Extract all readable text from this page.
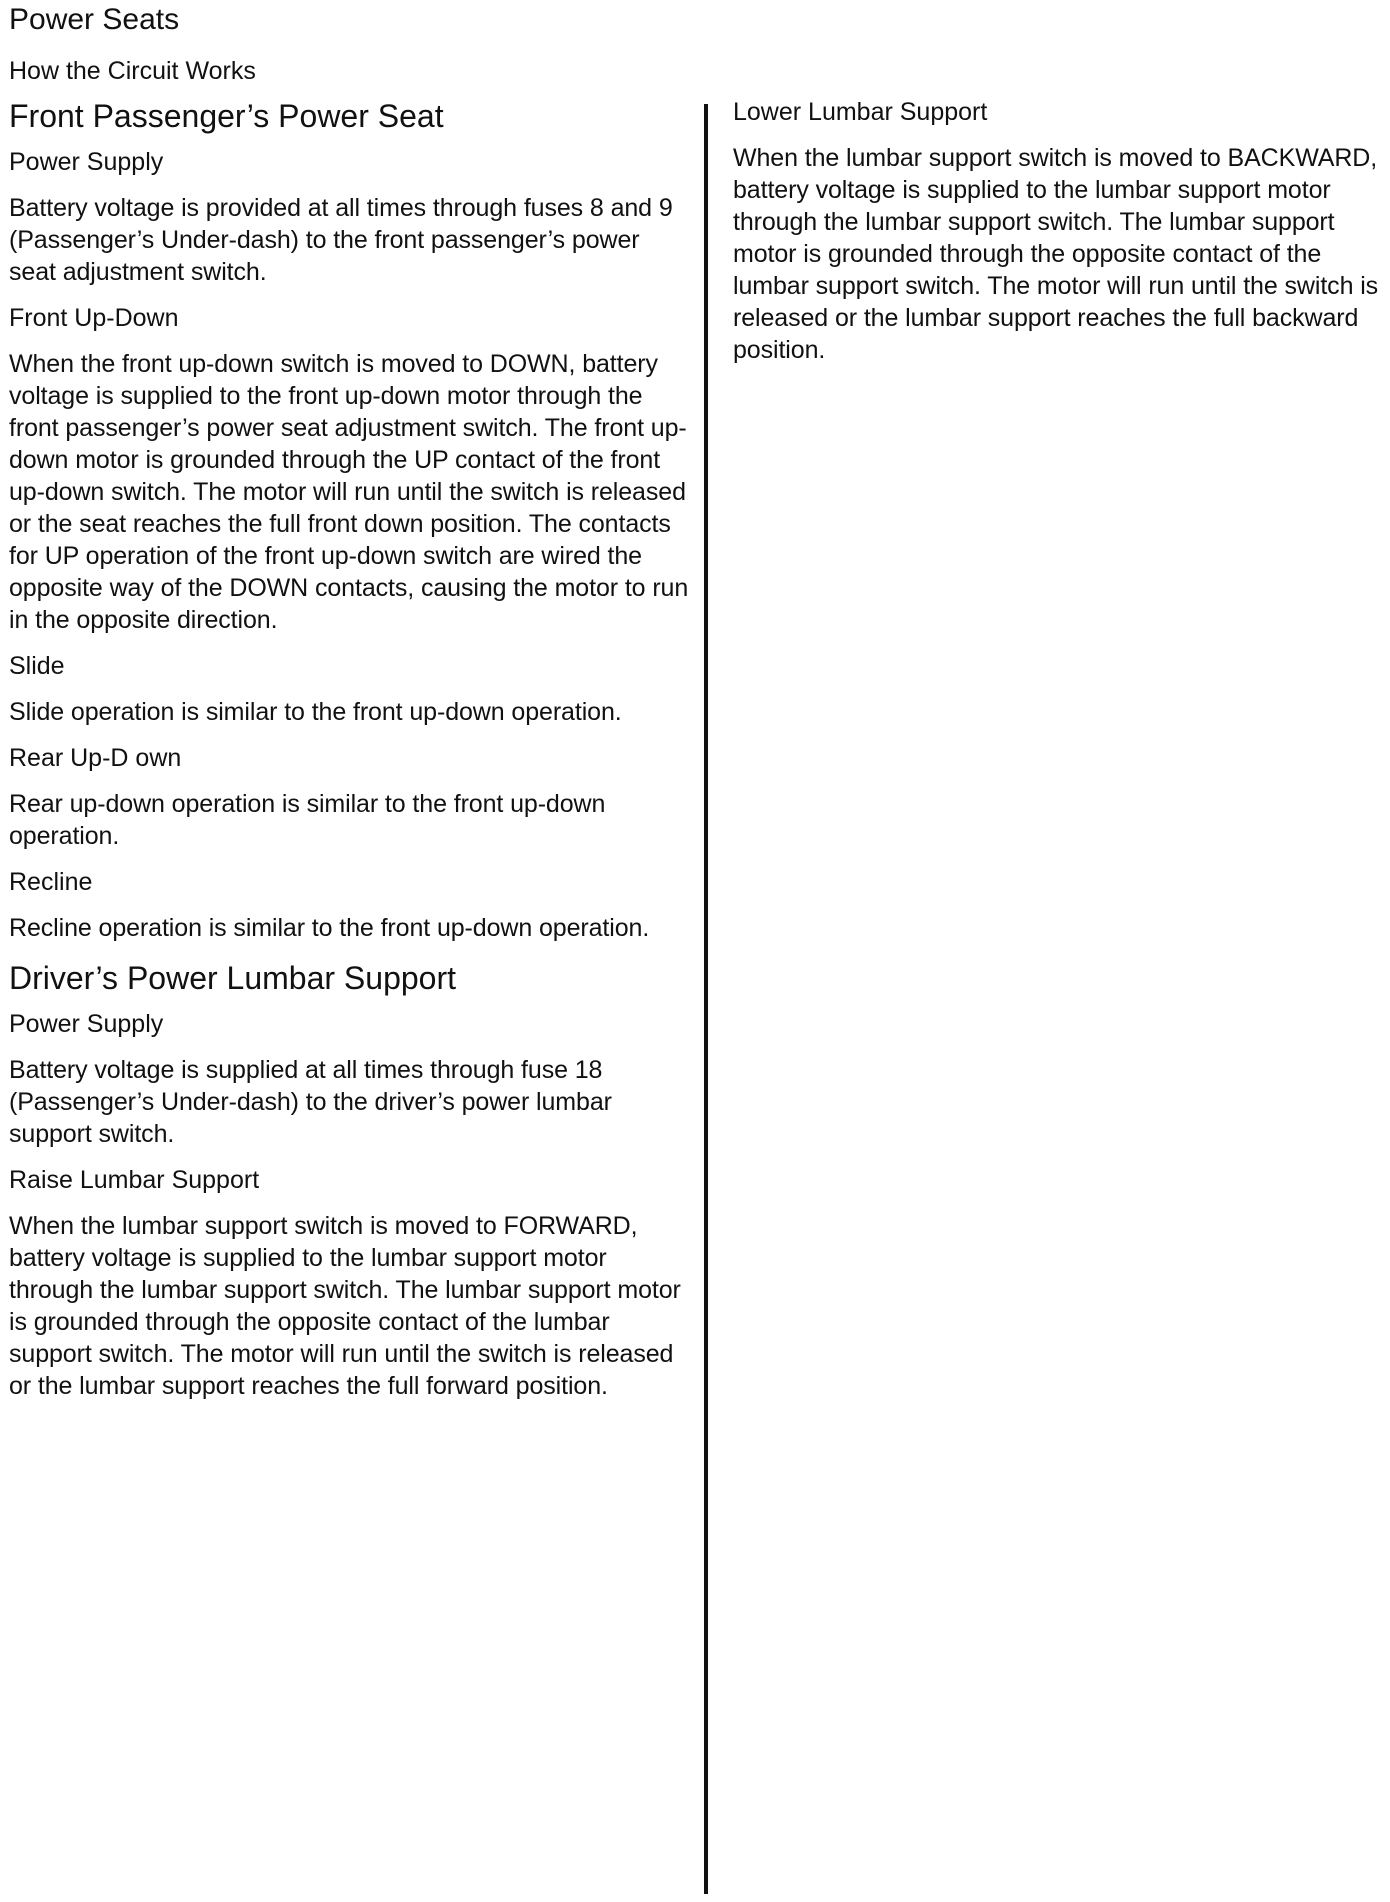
Power Seats
How the Circuit Works
Front Passenger’s Power Seat
Power Supply

Battery voltage is provided at all times through fuses 8 and 9 (Passenger’s Under-dash) to the front passenger’s power seat adjustment switch.

Front Up-Down

When the front up-down switch is moved to DOWN, battery voltage is supplied to the front up-down motor through the front passenger’s power seat adjustment switch. The front up-down motor is grounded through the UP contact of the front up-down switch. The motor will run until the switch is released or the seat reaches the full front down position. The contacts for UP operation of the front up-down switch are wired the opposite way of the DOWN contacts, causing the motor to run in the opposite direction.

Slide

Slide operation is similar to the front up-down operation.

Rear Up-D own

Rear up-down operation is similar to the front up-down operation.

Recline

Recline operation is similar to the front up-down operation.

Driver’s Power Lumbar Support
Power Supply

Battery voltage is supplied at all times through fuse 18 (Passenger’s Under-dash) to the driver’s power lumbar support switch.

Raise Lumbar Support

When the lumbar support switch is moved to FORWARD, battery voltage is supplied to the lumbar support motor through the lumbar support switch. The lumbar support motor is grounded through the opposite contact of the lumbar support switch. The motor will run until the switch is released or the lumbar support reaches the full forward position.

Lower Lumbar Support

When the lumbar support switch is moved to BACKWARD, battery voltage is supplied to the lumbar support motor through the lumbar support switch. The lumbar support motor is grounded through the opposite contact of the lumbar support switch. The motor will run until the switch is released or the lumbar support reaches the full backward position.
